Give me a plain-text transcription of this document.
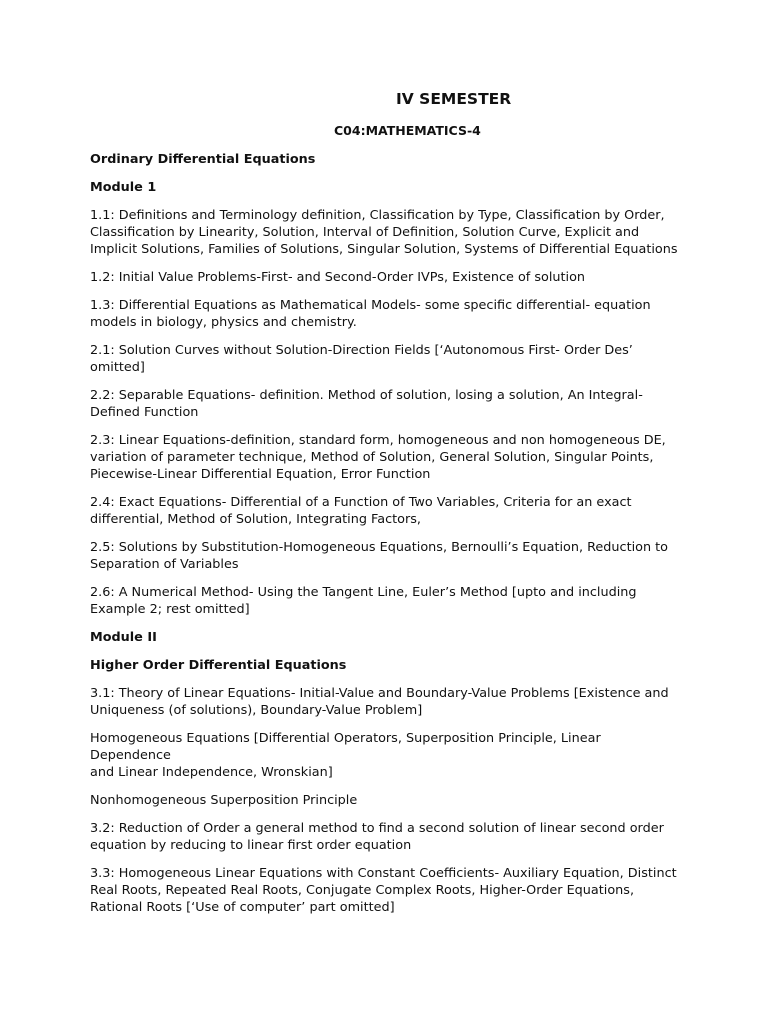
IV SEMESTER
C04:MATHEMATICS-4

Ordinary Differential Equations

Module 1

1.1: Definitions and Terminology definition, Classification by Type, Classification by Order,
Classification by Linearity, Solution, Interval of Definition, Solution Curve, Explicit and
Implicit Solutions, Families of Solutions, Singular Solution, Systems of Differential Equations

1.2: Initial Value Problems-First- and Second-Order IVPs, Existence of solution

1.3: Differential Equations as Mathematical Models- some specific differential- equation
models in biology, physics and chemistry.

2.1: Solution Curves without Solution-Direction Fields [‘Autonomous First- Order Des’
omitted]

2.2: Separable Equations- definition. Method of solution, losing a solution, An Integral-
Defined Function

2.3: Linear Equations-definition, standard form, homogeneous and non homogeneous DE,
variation of parameter technique, Method of Solution, General Solution, Singular Points,
Piecewise-Linear Differential Equation, Error Function

2.4: Exact Equations- Differential of a Function of Two Variables, Criteria for an exact
differential, Method of Solution, Integrating Factors,

2.5: Solutions by Substitution-Homogeneous Equations, Bernoulli’s Equation, Reduction to
Separation of Variables

2.6: A Numerical Method- Using the Tangent Line, Euler’s Method [upto and including
Example 2; rest omitted]

Module II

Higher Order Differential Equations

3.1: Theory of Linear Equations- Initial-Value and Boundary-Value Problems [Existence and
Uniqueness (of solutions), Boundary-Value Problem]

Homogeneous Equations [Differential Operators, Superposition Principle, Linear Dependence
and Linear Independence, Wronskian]

Nonhomogeneous Superposition Principle

3.2: Reduction of Order a general method to find a second solution of linear second order
equation by reducing to linear first order equation

3.3: Homogeneous Linear Equations with Constant Coefficients- Auxiliary Equation, Distinct
Real Roots, Repeated Real Roots, Conjugate Complex Roots, Higher-Order Equations,
Rational Roots [‘Use of computer’ part omitted]
